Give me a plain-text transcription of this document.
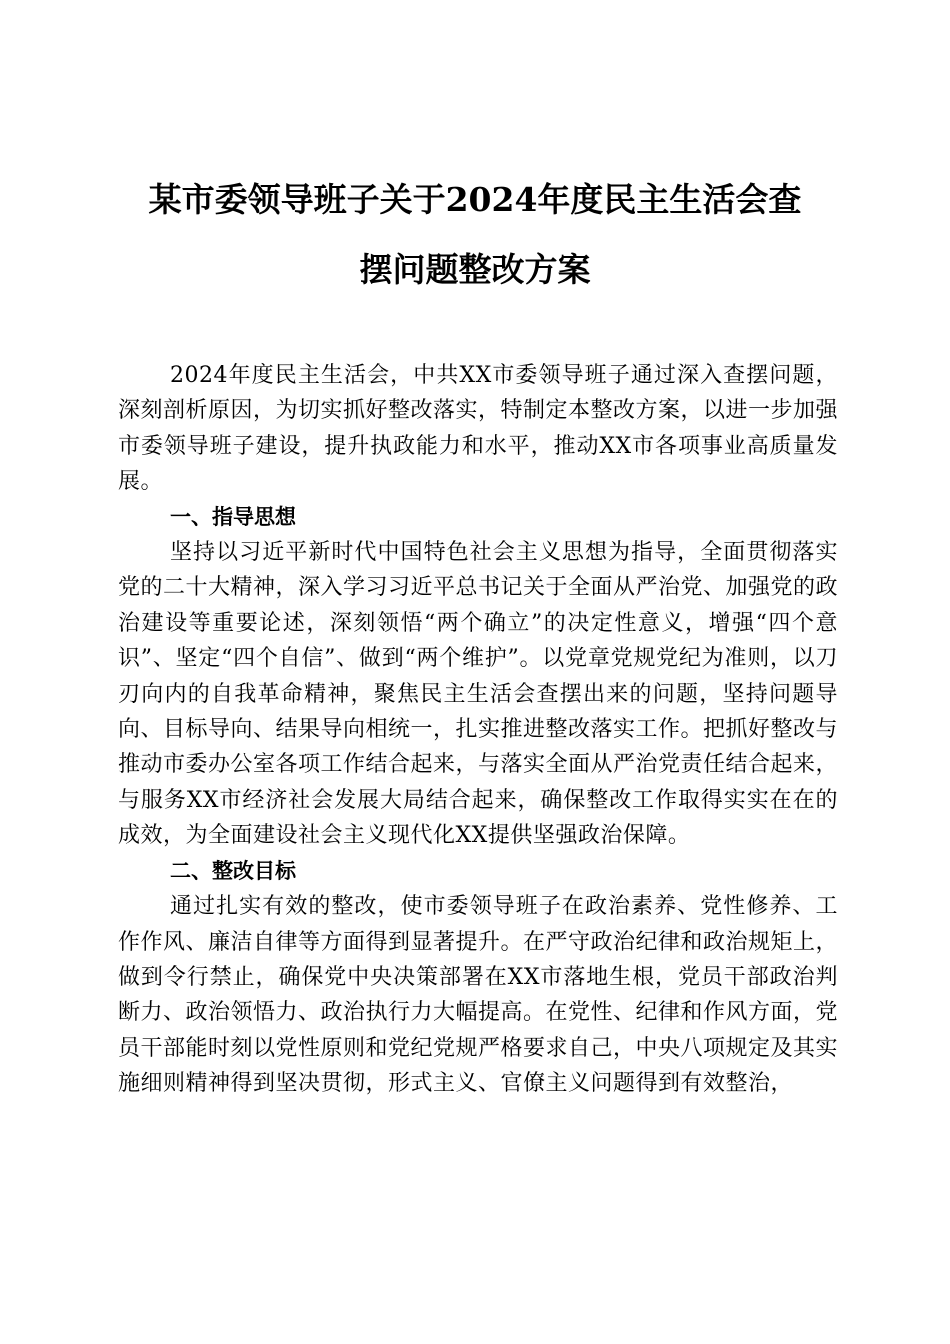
某市委领导班子关于2024年度民主生活会查
摆问题整改方案

2024年度民主生活会，中共XX市委领导班子通过深入查摆问题，深刻剖析原因，为切实抓好整改落实，特制定本整改方案，以进一步加强市委领导班子建设，提升执政能力和水平，推动XX市各项事业高质量发展。

一、指导思想

坚持以习近平新时代中国特色社会主义思想为指导，全面贯彻落实党的二十大精神，深入学习习近平总书记关于全面从严治党、加强党的政治建设等重要论述，深刻领悟“两个确立”的决定性意义，增强“四个意识”、坚定“四个自信”、做到“两个维护”。以党章党规党纪为准则，以刀刃向内的自我革命精神，聚焦民主生活会查摆出来的问题，坚持问题导向、目标导向、结果导向相统一，扎实推进整改落实工作。把抓好整改与推动市委办公室各项工作结合起来，与落实全面从严治党责任结合起来，与服务XX市经济社会发展大局结合起来，确保整改工作取得实实在在的成效，为全面建设社会主义现代化XX提供坚强政治保障。

二、整改目标

通过扎实有效的整改，使市委领导班子在政治素养、党性修养、工作作风、廉洁自律等方面得到显著提升。在严守政治纪律和政治规矩上，做到令行禁止，确保党中央决策部署在XX市落地生根，党员干部政治判断力、政治领悟力、政治执行力大幅提高。在党性、纪律和作风方面，党员干部能时刻以党性原则和党纪党规严格要求自己，中央八项规定及其实施细则精神得到坚决贯彻，形式主义、官僚主义问题得到有效整治，
